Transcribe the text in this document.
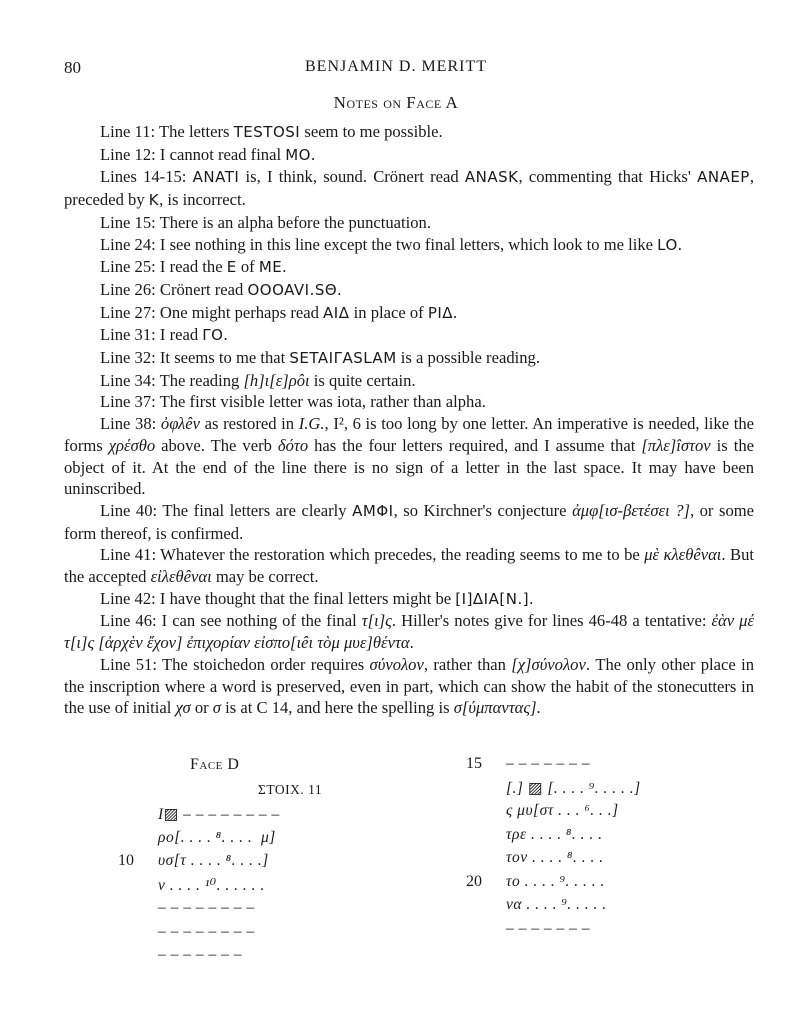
80	BENJAMIN D. MERITT
Notes on Face A
Line 11: The letters TESTOSI seem to me possible.
Line 12: I cannot read final MO.
Lines 14-15: ANATI is, I think, sound. Crönert read ANASK, commenting that Hicks' ANAEP, preceded by K, is incorrect.
Line 15: There is an alpha before the punctuation.
Line 24: I see nothing in this line except the two final letters, which look to me like LO.
Line 25: I read the E of ME.
Line 26: Crönert read OOOAVI.SΘ.
Line 27: One might perhaps read AIΔ in place of PIΔ.
Line 31: I read ΓO.
Line 32: It seems to me that SETAIΓASLAM is a possible reading.
Line 34: The reading [h]ι[ε]ρôι is quite certain.
Line 37: The first visible letter was iota, rather than alpha.
Line 38: ὀφλêν as restored in I.G., I², 6 is too long by one letter. An imperative is needed, like the forms χρέσθο above. The verb δότο has the four letters required, and I assume that [πλε]îστον is the object of it. At the end of the line there is no sign of a letter in the last space. It may have been uninscribed.
Line 40: The final letters are clearly AMΦI, so Kirchner's conjecture ἀμφ[ισ-βετέσει ?], or some form thereof, is confirmed.
Line 41: Whatever the restoration which precedes, the reading seems to me to be μὲ κλεθêναι. But the accepted εἰλεθêναι may be correct.
Line 42: I have thought that the final letters might be [I]ΔIA[N.].
Line 46: I can see nothing of the final τ[ι]ς. Hiller's notes give for lines 46-48 a tentative: ἐὰν μέ τ[ι]ς [ἀρχὲν ἔχον] ἐπιχορίαν εἰσπο[ιêι τὸμ μυε]θέντα.
Line 51: The stoichedon order requires σύνολον, rather than [χ]σύνολον. The only other place in the inscription where a word is preserved, even in part, which can show the habit of the stonecutters in the use of initial χσ or σ is at C 14, and here the spelling is σ[ύμπαντας].
Face D
ΣTOIX. 11
Ι▨ – – – – – – – –
ρο[. . . . ⁸. . . .  μ]
10 υσ[τ . . . . ⁸. . . .]
ν . . . . ¹⁰. . . . . .
– – – – – – – –
– – – – – – – –
– – – – – – –
15 – – – – – – –
[.] ▨ [. . . . ⁹. . . . .]
ς μυ[στ . . . ⁶. . .]
τρε . . . . ⁸. . . .
τον . . . . ⁸. . . .
20 το . . . . ⁹. . . . .
να . . . . ⁹. . . . .
– – – – – – –
